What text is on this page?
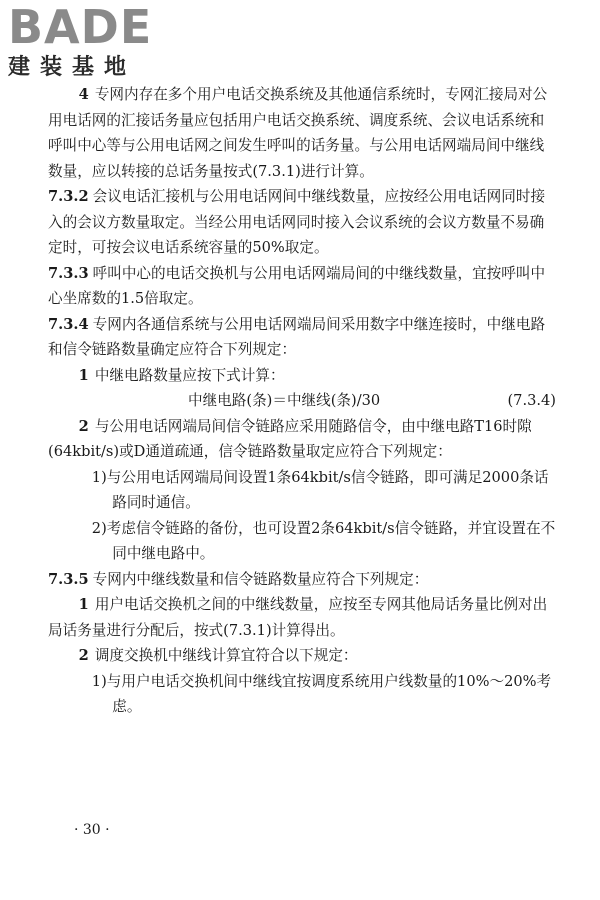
BADE
建装基地

4 专网内存在多个用户电话交换系统及其他通信系统时，专网汇接局对公用电话网的汇接话务量应包括用户电话交换系统、调度系统、会议电话系统和呼叫中心等与公用电话网之间发生呼叫的话务量。与公用电话网端局间中继线数量，应以转接的总话务量按式(7.3.1)进行计算。

7.3.2 会议电话汇接机与公用电话网间中继线数量，应按经公用电话网同时接入的会议方数量取定。当经公用电话网同时接入会议系统的会议方数量不易确定时，可按会议电话系统容量的50%取定。

7.3.3 呼叫中心的电话交换机与公用电话网端局间的中继线数量，宜按呼叫中心坐席数的1.5倍取定。

7.3.4 专网内各通信系统与公用电话网端局间采用数字中继连接时，中继电路和信令链路数量确定应符合下列规定：

1 中继电路数量应按下式计算：

中继电路(条)＝中继线(条)/30	(7.3.4)

2 与公用电话网端局间信令链路应采用随路信令，由中继电路T16时隙(64kbit/s)或D通道疏通，信令链路数量取定应符合下列规定：

1)与公用电话网端局间设置1条64kbit/s信令链路，即可满足2000条话路同时通信。

2)考虑信令链路的备份，也可设置2条64kbit/s信令链路，并宜设置在不同中继电路中。

7.3.5 专网内中继线数量和信令链路数量应符合下列规定：

1 用户电话交换机之间的中继线数量，应按至专网其他局话务量比例对出局话务量进行分配后，按式(7.3.1)计算得出。

2 调度交换机中继线计算宜符合以下规定：

1)与用户电话交换机间中继线宜按调度系统用户线数量的10%～20%考虑。

· 30 ·
